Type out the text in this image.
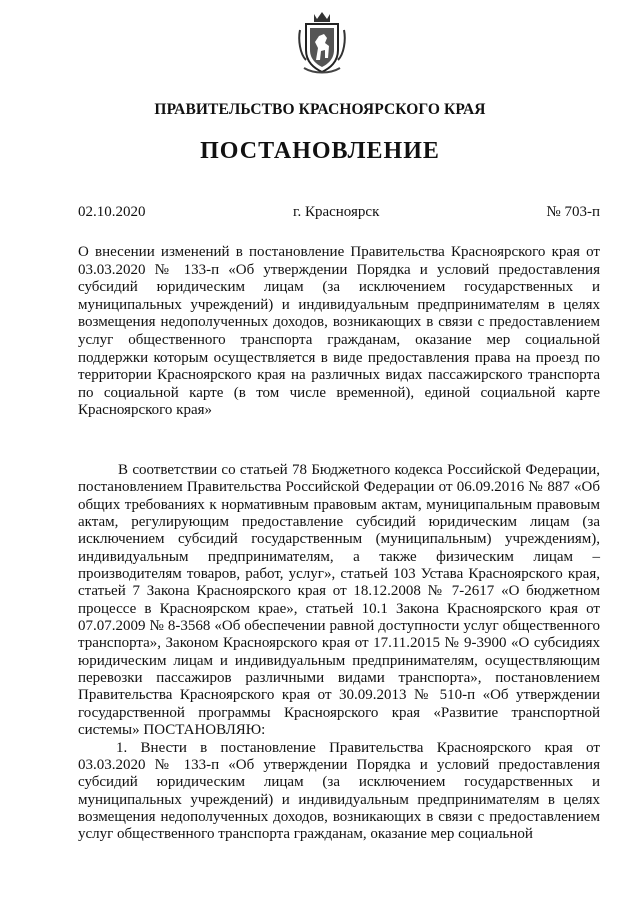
ПРАВИТЕЛЬСТВО КРАСНОЯРСКОГО КРАЯ
ПОСТАНОВЛЕНИЕ
02.10.2020	г. Красноярск	№ 703-п
О внесении изменений в постановление Правительства Красноярского края от 03.03.2020 № 133-п «Об утверждении Порядка и условий предоставления субсидий юридическим лицам (за исключением государственных и муниципальных учреждений) и индивидуальным предпринимателям в целях возмещения недополученных доходов, возникающих в связи с предоставлением услуг общественного транспорта гражданам, оказание мер социальной поддержки которым осуществляется в виде предоставления права на проезд по территории Красноярского края на различных видах пассажирского транспорта по социальной карте (в том числе временной), единой социальной карте Красноярского края»

В соответствии со статьей 78 Бюджетного кодекса Российской Федерации, постановлением Правительства Российской Федерации от 06.09.2016 № 887 «Об общих требованиях к нормативным правовым актам, муниципальным правовым актам, регулирующим предоставление субсидий юридическим лицам (за исключением субсидий государственным (муниципальным) учреждениям), индивидуальным предпринимателям, а также физическим лицам – производителям товаров, работ, услуг», статьей 103 Устава Красноярского края, статьей 7 Закона Красноярского края от 18.12.2008 № 7-2617 «О бюджетном процессе в Красноярском крае», статьей 10.1 Закона Красноярского края от 07.07.2009 № 8-3568 «Об обеспечении равной доступности услуг общественного транспорта», Законом Красноярского края от 17.11.2015 № 9-3900 «О субсидиях юридическим лицам и индивидуальным предпринимателям, осуществляющим перевозки пассажиров различными видами транспорта», постановлением Правительства Красноярского края от 30.09.2013 № 510-п «Об утверждении государственной программы Красноярского края «Развитие транспортной системы» ПОСТАНОВЛЯЮ:

1. Внести в постановление Правительства Красноярского края от 03.03.2020 № 133-п «Об утверждении Порядка и условий предоставления субсидий юридическим лицам (за исключением государственных и муниципальных учреждений) и индивидуальным предпринимателям в целях возмещения недополученных доходов, возникающих в связи с предоставлением услуг общественного транспорта гражданам, оказание мер социальной
